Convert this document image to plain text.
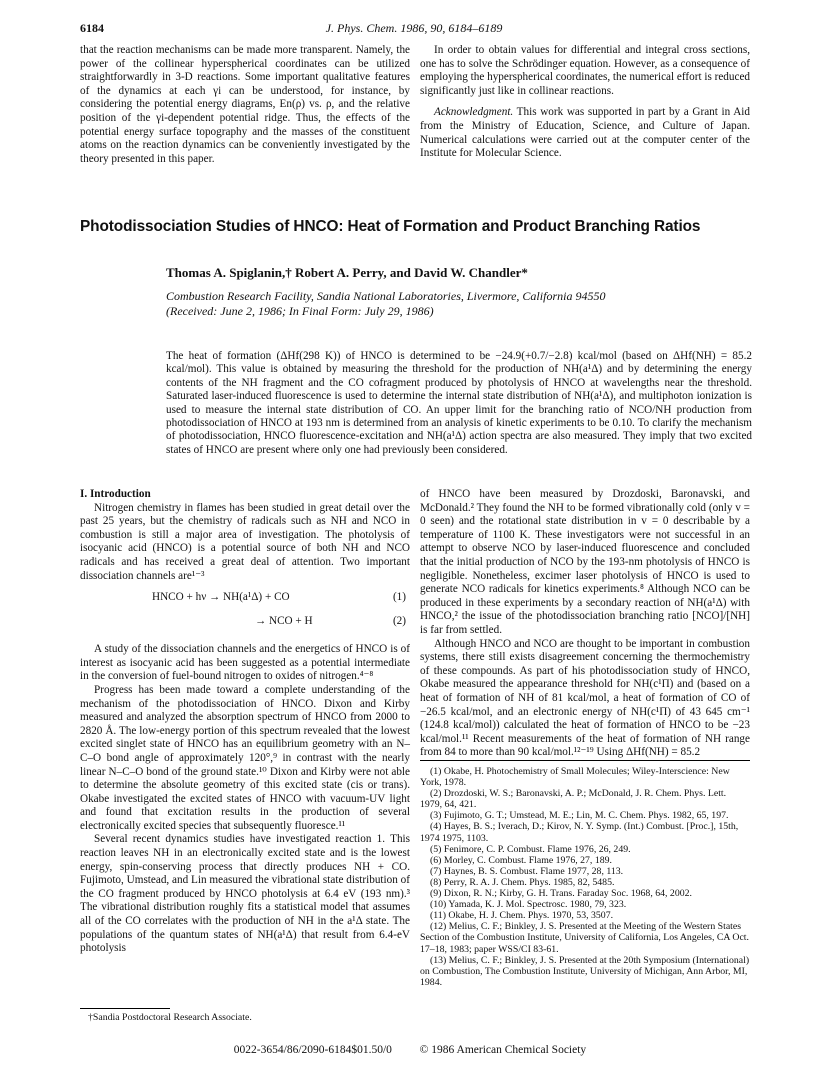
6184	J. Phys. Chem. 1986, 90, 6184–6189

that the reaction mechanisms can be made more transparent. Namely, the power of the collinear hyperspherical coordinates can be utilized straightforwardly in 3-D reactions. Some important qualitative features of the dynamics at each γi can be understood, for instance, by considering the potential energy diagrams, En(ρ) vs. ρ, and the relative position of the γi-dependent potential ridge. Thus, the effects of the potential energy surface topography and the masses of the constituent atoms on the reaction dynamics can be conveniently investigated by the theory presented in this paper.

In order to obtain values for differential and integral cross sections, one has to solve the Schrödinger equation. However, as a consequence of employing the hyperspherical coordinates, the numerical effort is reduced significantly just like in collinear reactions.

Acknowledgment. This work was supported in part by a Grant in Aid from the Ministry of Education, Science, and Culture of Japan. Numerical calculations were carried out at the computer center of the Institute for Molecular Science.

Photodissociation Studies of HNCO: Heat of Formation and Product Branching Ratios
Thomas A. Spiglanin,† Robert A. Perry, and David W. Chandler*
Combustion Research Facility, Sandia National Laboratories, Livermore, California 94550
(Received: June 2, 1986; In Final Form: July 29, 1986)
The heat of formation (ΔHf(298 K)) of HNCO is determined to be −24.9(+0.7/−2.8) kcal/mol (based on ΔHf(NH) = 85.2 kcal/mol). This value is obtained by measuring the threshold for the production of NH(a¹Δ) and by determining the energy contents of the NH fragment and the CO cofragment produced by photolysis of HNCO at wavelengths near the threshold. Saturated laser-induced fluorescence is used to determine the internal state distribution of NH(a¹Δ), and multiphoton ionization is used to measure the internal state distribution of CO. An upper limit for the branching ratio of NCO/NH production from photodissociation of HNCO at 193 nm is determined from an analysis of kinetic experiments to be 0.10. To clarify the mechanism of photodissociation, HNCO fluorescence-excitation and NH(a¹Δ) action spectra are also measured. They imply that two excited states of HNCO are present where only one had previously been considered.
I. Introduction

Nitrogen chemistry in flames has been studied in great detail over the past 25 years, but the chemistry of radicals such as NH and NCO in combustion is still a major area of investigation. The photolysis of isocyanic acid (HNCO) is a potential source of both NH and NCO radicals and has received a great deal of attention. Two important dissociation channels are¹⁻³

HNCO + hν → NH(a¹Δ) + CO	(1)
→ NCO + H	(2)

A study of the dissociation channels and the energetics of HNCO is of interest as isocyanic acid has been suggested as a potential intermediate in the conversion of fuel-bound nitrogen to oxides of nitrogen.⁴⁻⁸

Progress has been made toward a complete understanding of the mechanism of the photodissociation of HNCO. Dixon and Kirby measured and analyzed the absorption spectrum of HNCO from 2000 to 2820 Å. The low-energy portion of this spectrum revealed that the lowest excited singlet state of HNCO has an equilibrium geometry with an N–C–O bond angle of approximately 120°,⁹ in contrast with the nearly linear N–C–O bond of the ground state.¹⁰ Dixon and Kirby were not able to determine the absolute geometry of this excited state (cis or trans). Okabe investigated the excited states of HNCO with vacuum-UV light and found that excitation results in the production of several electronically excited species that subsequently fluoresce.¹¹

Several recent dynamics studies have investigated reaction 1. This reaction leaves NH in an electronically excited state and is the lowest energy, spin-conserving process that directly produces NH + CO. Fujimoto, Umstead, and Lin measured the vibrational state distribution of the CO fragment produced by HNCO photolysis at 6.4 eV (193 nm).³ The vibrational distribution roughly fits a statistical model that assumes all of the CO correlates with the production of NH in the a¹Δ state. The populations of the quantum states of NH(a¹Δ) that result from 6.4-eV photolysis

†Sandia Postdoctoral Research Associate.

of HNCO have been measured by Drozdoski, Baronavski, and McDonald.² They found the NH to be formed vibrationally cold (only v = 0 seen) and the rotational state distribution in v = 0 describable by a temperature of 1100 K. These investigators were not successful in an attempt to observe NCO by laser-induced fluorescence and concluded that the initial production of NCO by the 193-nm photolysis of HNCO is negligible. Nonetheless, excimer laser photolysis of HNCO is used to generate NCO radicals for kinetics experiments.⁸ Although NCO can be produced in these experiments by a secondary reaction of NH(a¹Δ) with HNCO,² the issue of the photodissociation branching ratio [NCO]/[NH] is far from settled.

Although HNCO and NCO are thought to be important in combustion systems, there still exists disagreement concerning the thermochemistry of these compounds. As part of his photodissociation study of HNCO, Okabe measured the appearance threshold for NH(c¹Π) and (based on a heat of formation of NH of 81 kcal/mol, a heat of formation of CO of −26.5 kcal/mol, and an electronic energy of NH(c¹Π) of 43 645 cm⁻¹ (124.8 kcal/mol)) calculated the heat of formation of HNCO to be −23 kcal/mol.¹¹ Recent measurements of the heat of formation of NH range from 84 to more than 90 kcal/mol.¹²⁻¹⁹ Using ΔHf(NH) = 85.2

(1) Okabe, H. Photochemistry of Small Molecules; Wiley-Interscience: New York, 1978.
(2) Drozdoski, W. S.; Baronavski, A. P.; McDonald, J. R. Chem. Phys. Lett. 1979, 64, 421.
(3) Fujimoto, G. T.; Umstead, M. E.; Lin, M. C. Chem. Phys. 1982, 65, 197.
(4) Hayes, B. S.; Iverach, D.; Kirov, N. Y. Symp. (Int.) Combust. [Proc.], 15th, 1974 1975, 1103.
(5) Fenimore, C. P. Combust. Flame 1976, 26, 249.
(6) Morley, C. Combust. Flame 1976, 27, 189.
(7) Haynes, B. S. Combust. Flame 1977, 28, 113.
(8) Perry, R. A. J. Chem. Phys. 1985, 82, 5485.
(9) Dixon, R. N.; Kirby, G. H. Trans. Faraday Soc. 1968, 64, 2002.
(10) Yamada, K. J. Mol. Spectrosc. 1980, 79, 323.
(11) Okabe, H. J. Chem. Phys. 1970, 53, 3507.
(12) Melius, C. F.; Binkley, J. S. Presented at the Meeting of the Western States Section of the Combustion Institute, University of California, Los Angeles, CA Oct. 17–18, 1983; paper WSS/CI 83-61.
(13) Melius, C. F.; Binkley, J. S. Presented at the 20th Symposium (International) on Combustion, The Combustion Institute, University of Michigan, Ann Arbor, MI, 1984.
0022-3654/86/2090-6184$01.50/0 © 1986 American Chemical Society
